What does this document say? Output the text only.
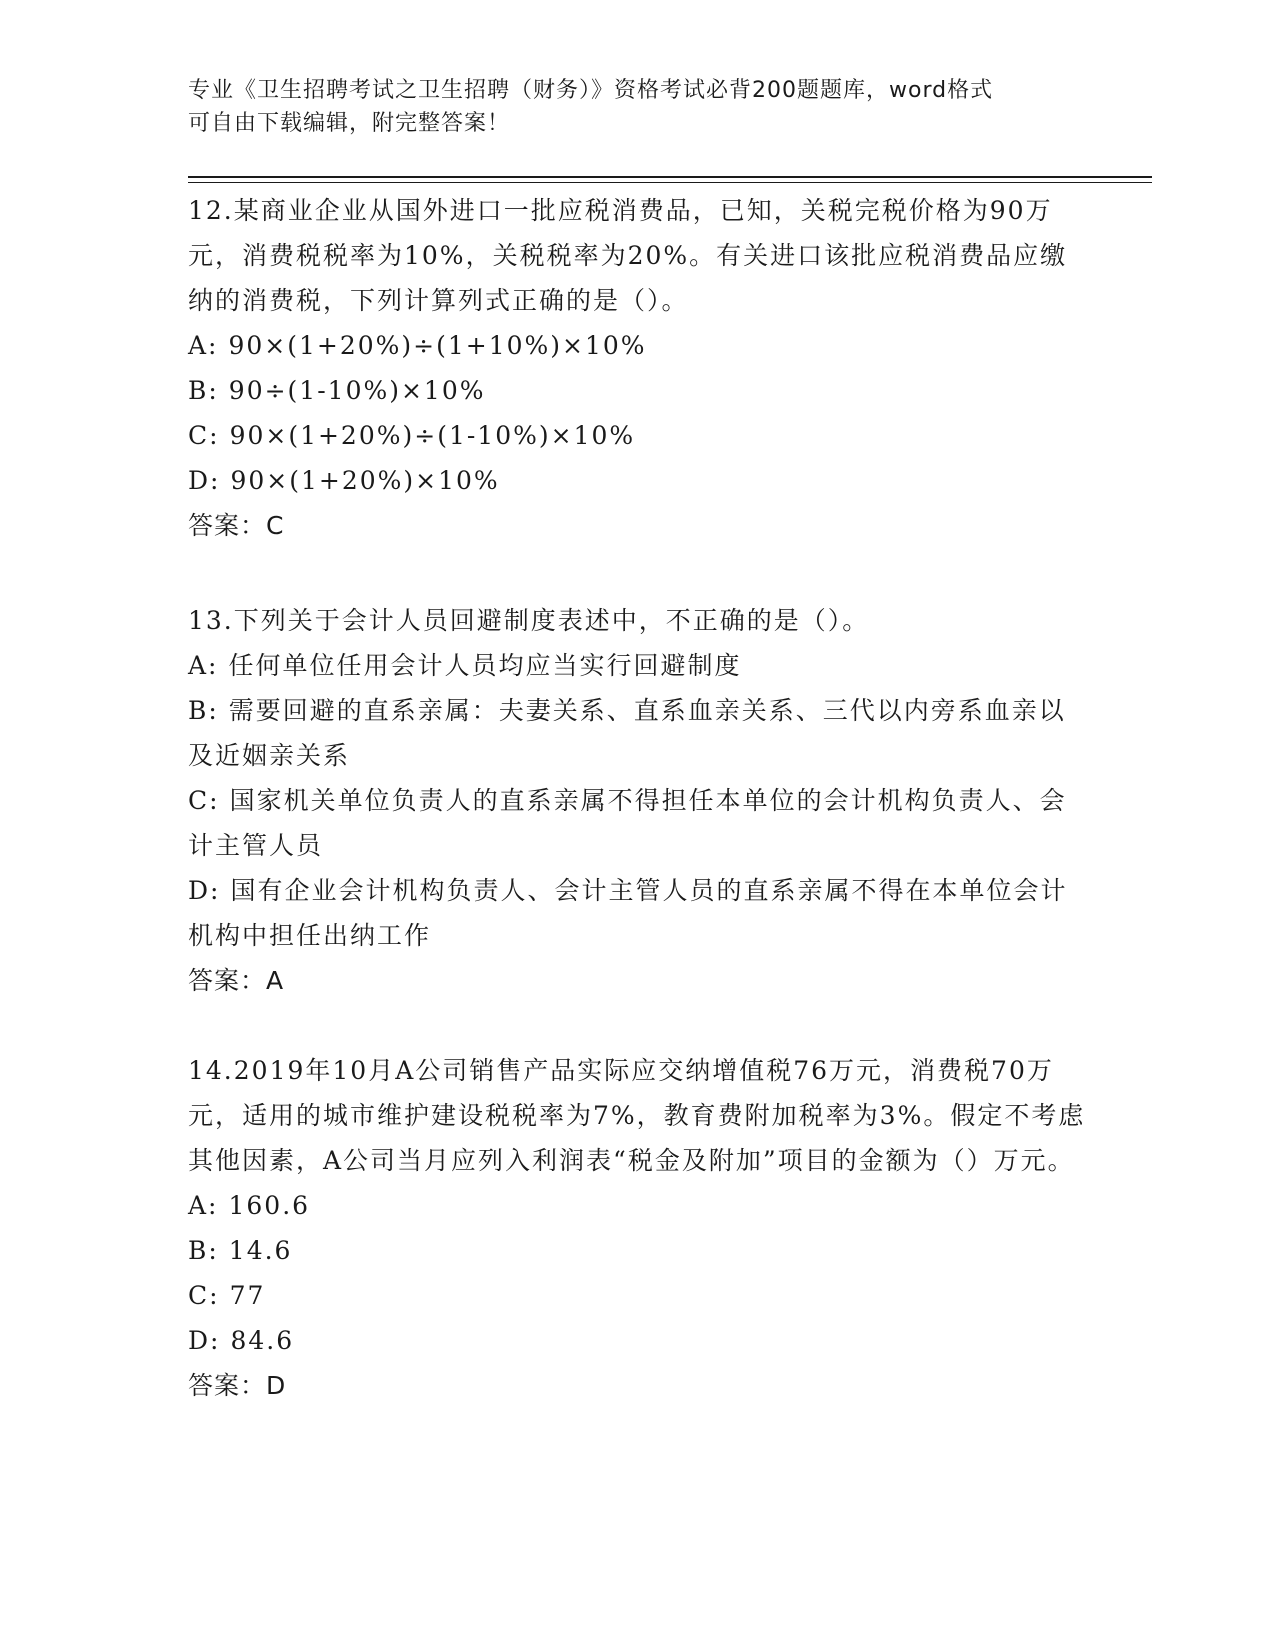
专业《卫生招聘考试之卫生招聘（财务）》资格考试必背200题题库，word格式
可自由下载编辑，附完整答案！

12.某商业企业从国外进口一批应税消费品，已知，关税完税价格为90万元，消费税税率为10%，关税税率为20%。有关进口该批应税消费品应缴纳的消费税，下列计算列式正确的是（）。

A: 90×(1+20%)÷(1+10%)×10%

B: 90÷(1-10%)×10%

C: 90×(1+20%)÷(1-10%)×10%

D: 90×(1+20%)×10%

答案：C

13.下列关于会计人员回避制度表述中，不正确的是（）。

A: 任何单位任用会计人员均应当实行回避制度

B: 需要回避的直系亲属：夫妻关系、直系血亲关系、三代以内旁系血亲以及近姻亲关系

C: 国家机关单位负责人的直系亲属不得担任本单位的会计机构负责人、会计主管人员

D: 国有企业会计机构负责人、会计主管人员的直系亲属不得在本单位会计机构中担任出纳工作

答案：A

14.2019年10月A公司销售产品实际应交纳增值税76万元，消费税70万元，适用的城市维护建设税税率为7%，教育费附加税率为3%。假定不考虑其他因素，A公司当月应列入利润表“税金及附加”项目的金额为（）万元。

A: 160.6

B: 14.6

C: 77

D: 84.6

答案：D
